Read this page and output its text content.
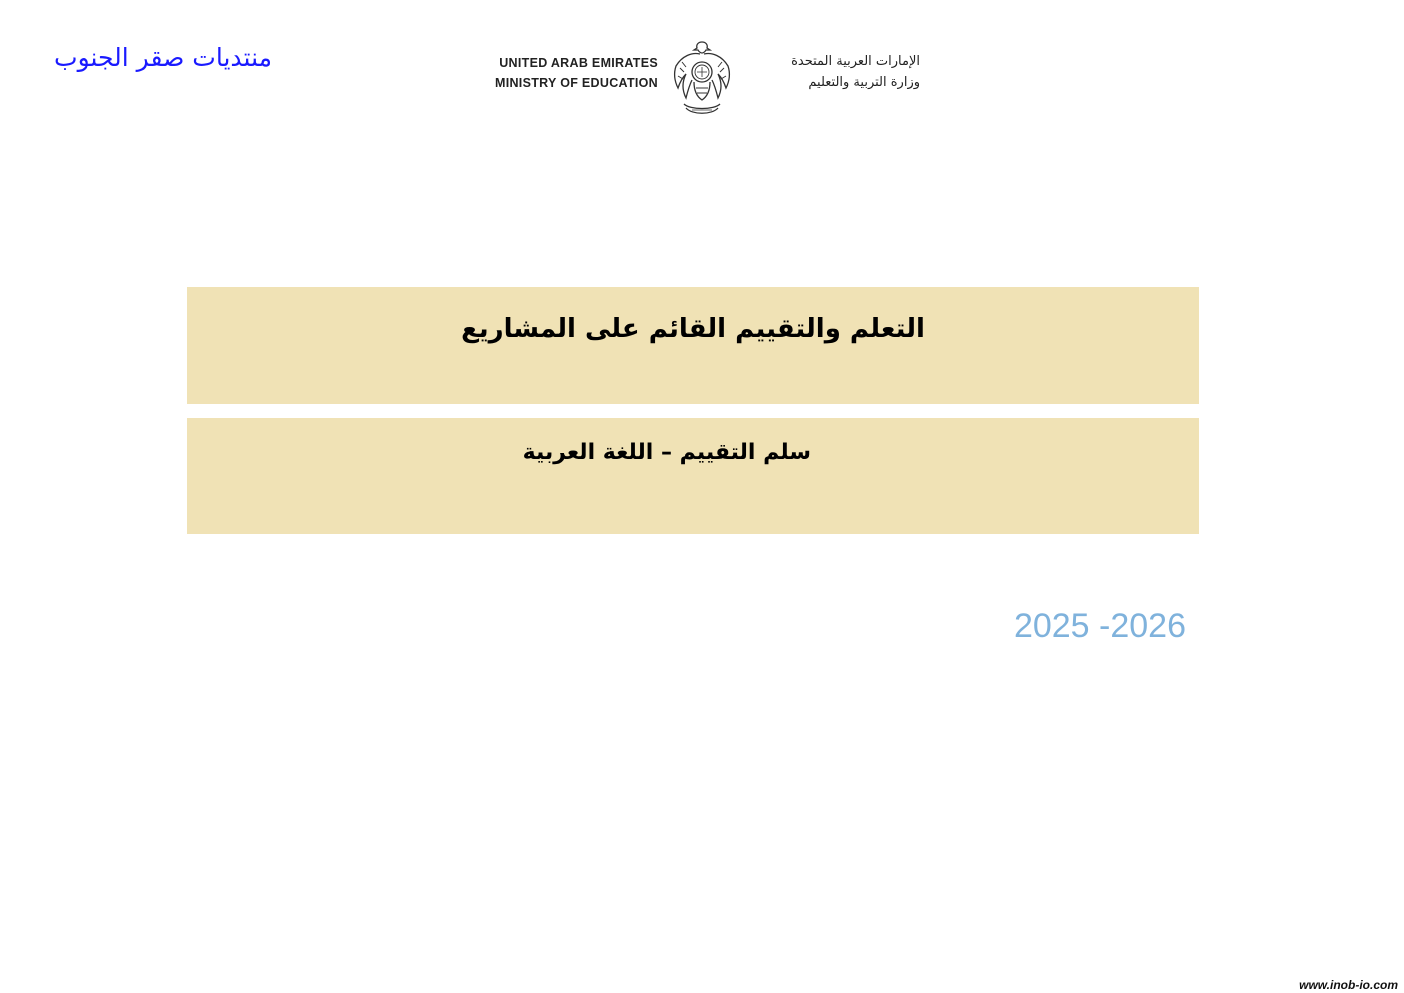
منتديات صقر الجنوب	UNITED ARAB EMIRATES
MINISTRY OF EDUCATION
الإمارات العربية المتحدة
وزارة التربية والتعليم
التعلم والتقييم القائم على المشاريع
سلم التقييم – اللغة العربية
2025 -2026
www.inob-io.com
